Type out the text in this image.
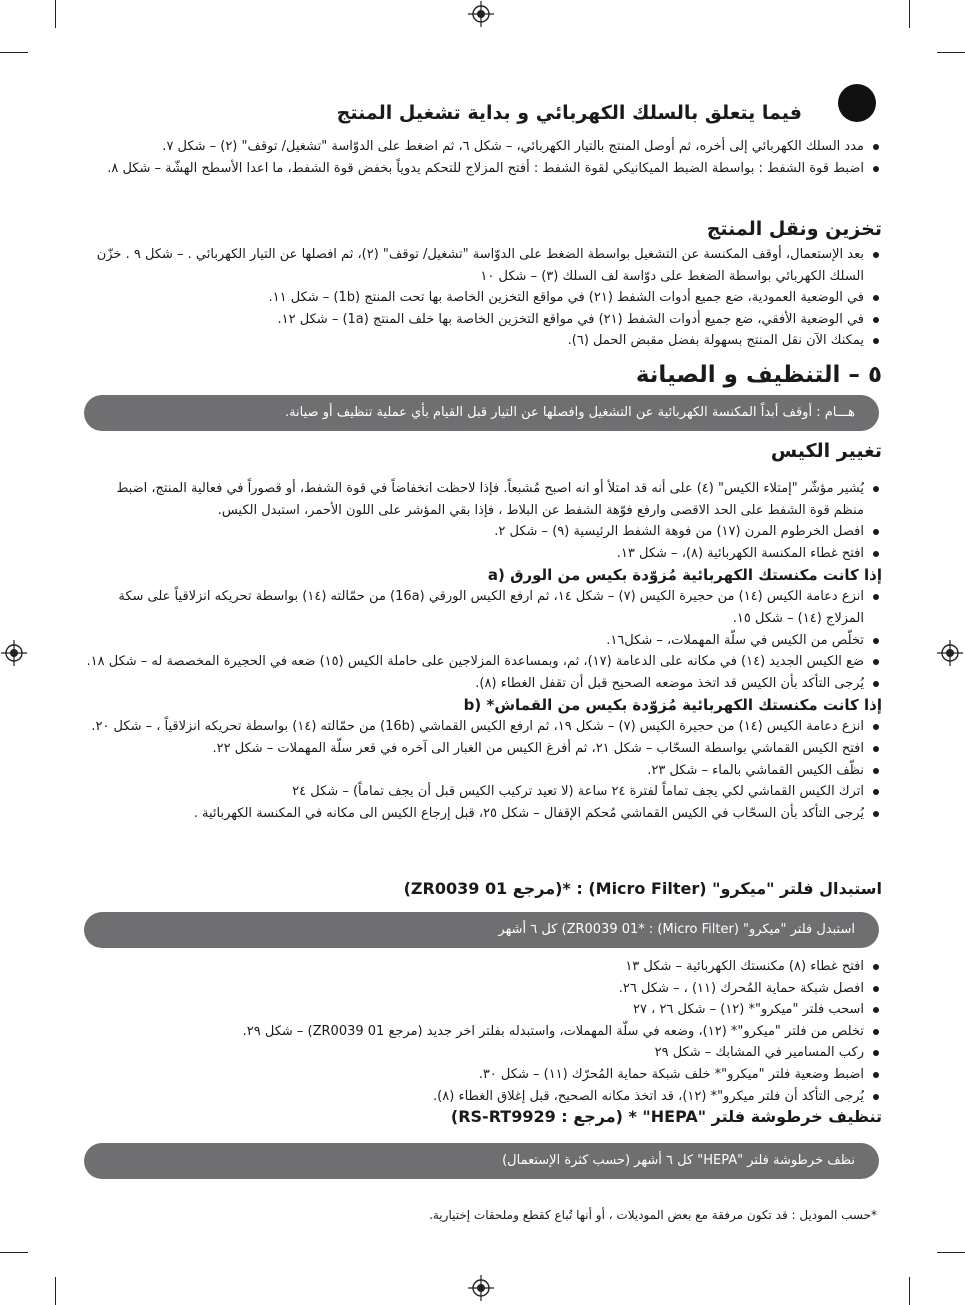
فيما يتعلق بالسلك الكهربائي و بداية تشغيل المنتج
مدد السلك الكهربائي إلى أخره، ثم أوصل المنتج بالتيار الكهربائي، – شكل ٦، ثم اضغط على الدوّاسة "تشغيل/ توقف" (٢) – شكل ٧.
اضبط قوة الشفط : بواسطة الضبط الميكانيكي لقوة الشفط : أفتح المزلاج للتحكم يدوياً بخفض قوة الشفط، ما اعدا الأسطح الهشّة – شكل ٨.
تخزين ونقل المنتج
بعد الإستعمال، أوقف المكنسة عن التشغيل بواسطة الضغط على الدوّاسة "تشغيل/ توقف" (٢)، ثم افصلها عن التيار الكهربائي . – شكل ٩ . خزّن السلك الكهربائي بواسطة الضغط على دوّاسة لف السلك (٣) – شكل ١٠
في الوضعية العمودية، ضع جميع أدوات الشفط (٢١) في مواقع التخزين الخاصة بها تحت المنتج (1b) – شكل ١١.
في الوضعية الأفقي، ضع جميع أدوات الشفط (٢١) في مواقع التخزين الخاصة بها خلف المنتج (1a) – شكل ١٢.
يمكنك الآن نقل المنتج بسهولة بفضل مقبض الحمل (٦).
٥ – التنظيف و الصيانة
هـــام : أوقف أبداً المكنسة الكهربائية عن التشغيل وافصلها عن التيار قبل القيام بأي عملية تنظيف أو صيانة.
تغيير الكيس
يُشير مؤشّر "إمتلاء الكيس" (٤) على أنه قد امتلأ أو انه اصبح مُشبعاً. فإذا لاحظت انخفاضاً في قوة الشفط، أو قصوراً في فعالية المنتج، اضبط منظم قوة الشفط على الحد الاقصى وارفع فوّهة الشفط عن البلاط ، فإذا بقي المؤشر على اللون الأحمر، استبدل الكيس.
افصل الخرطوم المرن (١٧) من فوهة الشفط الرئيسية (٩) – شكل ٢.
افتح غطاء المكنسة الكهربائية (٨)، – شكل ١٣.
إذا كانت مكنستك الكهربائية مُزوّدة بكيس من الورق a)
انزع دعامة الكيس (١٤) من حجيرة الكيس (٧) – شكل ١٤، ثم ارفع الكيس الورقي (16a) من حمّالته (١٤) بواسطة تحريكه انزلاقياً على سكة المزلاج (١٤) – شكل ١٥.
تخلّص من الكيس في سلّة المهملات، – شكل١٦.
ضع الكيس الجديد (١٤) في مكانه على الدعامة (١٧)، ثم، وبمساعدة المزلاجين على حاملة الكيس (١٥) ضعه في الحجيرة المخصصة له – شكل ١٨.
يُرجى التأكد بأن الكيس قد اتخذ موضعه الصحيح قبل أن تقفل الغطاء (٨).
إذا كانت مكنستك الكهربائية مُزوّدة بكيس من القماش* b)
انزع دعامة الكيس (١٤) من حجيرة الكيس (٧) – شكل ١٩، ثم ارفع الكيس القماشي (16b) من حمّالته (١٤) بواسطة تحريكه انزلاقياً ، – شكل ٢٠.
افتح الكيس القماشي بواسطة السحّاب – شكل ٢١، ثم أفرغ الكيس من الغبار الى آخره في قعر سلّة المهملات – شكل ٢٢.
نظّف الكيس القماشي بالماء – شكل ٢٣.
اترك الكيس القماشي لكي يجف تماماً لفترة ٢٤ ساعة (لا تعيد تركيب الكيس قبل أن يجف تماماً) – شكل ٢٤
يُرجى التأكد بأن السحّاب في الكيس القماشي مُحكم الإقفال – شكل ٢٥، قبل إرجاع الكيس الى مكانه في المكنسة الكهربائية .
استبدال فلتر "ميكرو" (Micro Filter) : *(مرجع ZR0039 01)
استبدل فلتر "ميكرو" (Micro Filter) : *ZR0039 01) كل ٦ أشهر
افتح غطاء (٨) مكنستك الكهربائية – شكل ١٣
افصل شبكة حماية المُحرك (١١) ، – شكل ٢٦.
اسحب فلتر "ميكرو"* (١٢) – شكل ٢٦ ، ٢٧
تخلص من فلتر "ميكرو"* (١٢)، وضعه في سلّة المهملات، واستبدله بفلتر اخر جديد (مرجع ZR0039 01) – شكل ٢٩.
ركب المسامير في المشابك – شكل ٢٩
اضبط وضعية فلتر "ميكرو"* خلف شبكة حماية المُحرّك (١١) – شكل ٣٠.
يُرجى التأكد أن فلتر ميكرو"* (١٢)، قد اتخذ مكانه الصحيح، قبل إغلاق الغطاء (٨).
تنظيف خرطوشة فلتر "HEPA" * (مرجع : RS-RT9929)
نظف خرطوشة فلتر "HEPA" كل ٦ أشهر (حسب كثرة الإستعمال)
*حسب الموديل : قد تكون مرفقة مع بعض الموديلات ، أو أنها تُباع كقطع وملحقات إختيارية.
